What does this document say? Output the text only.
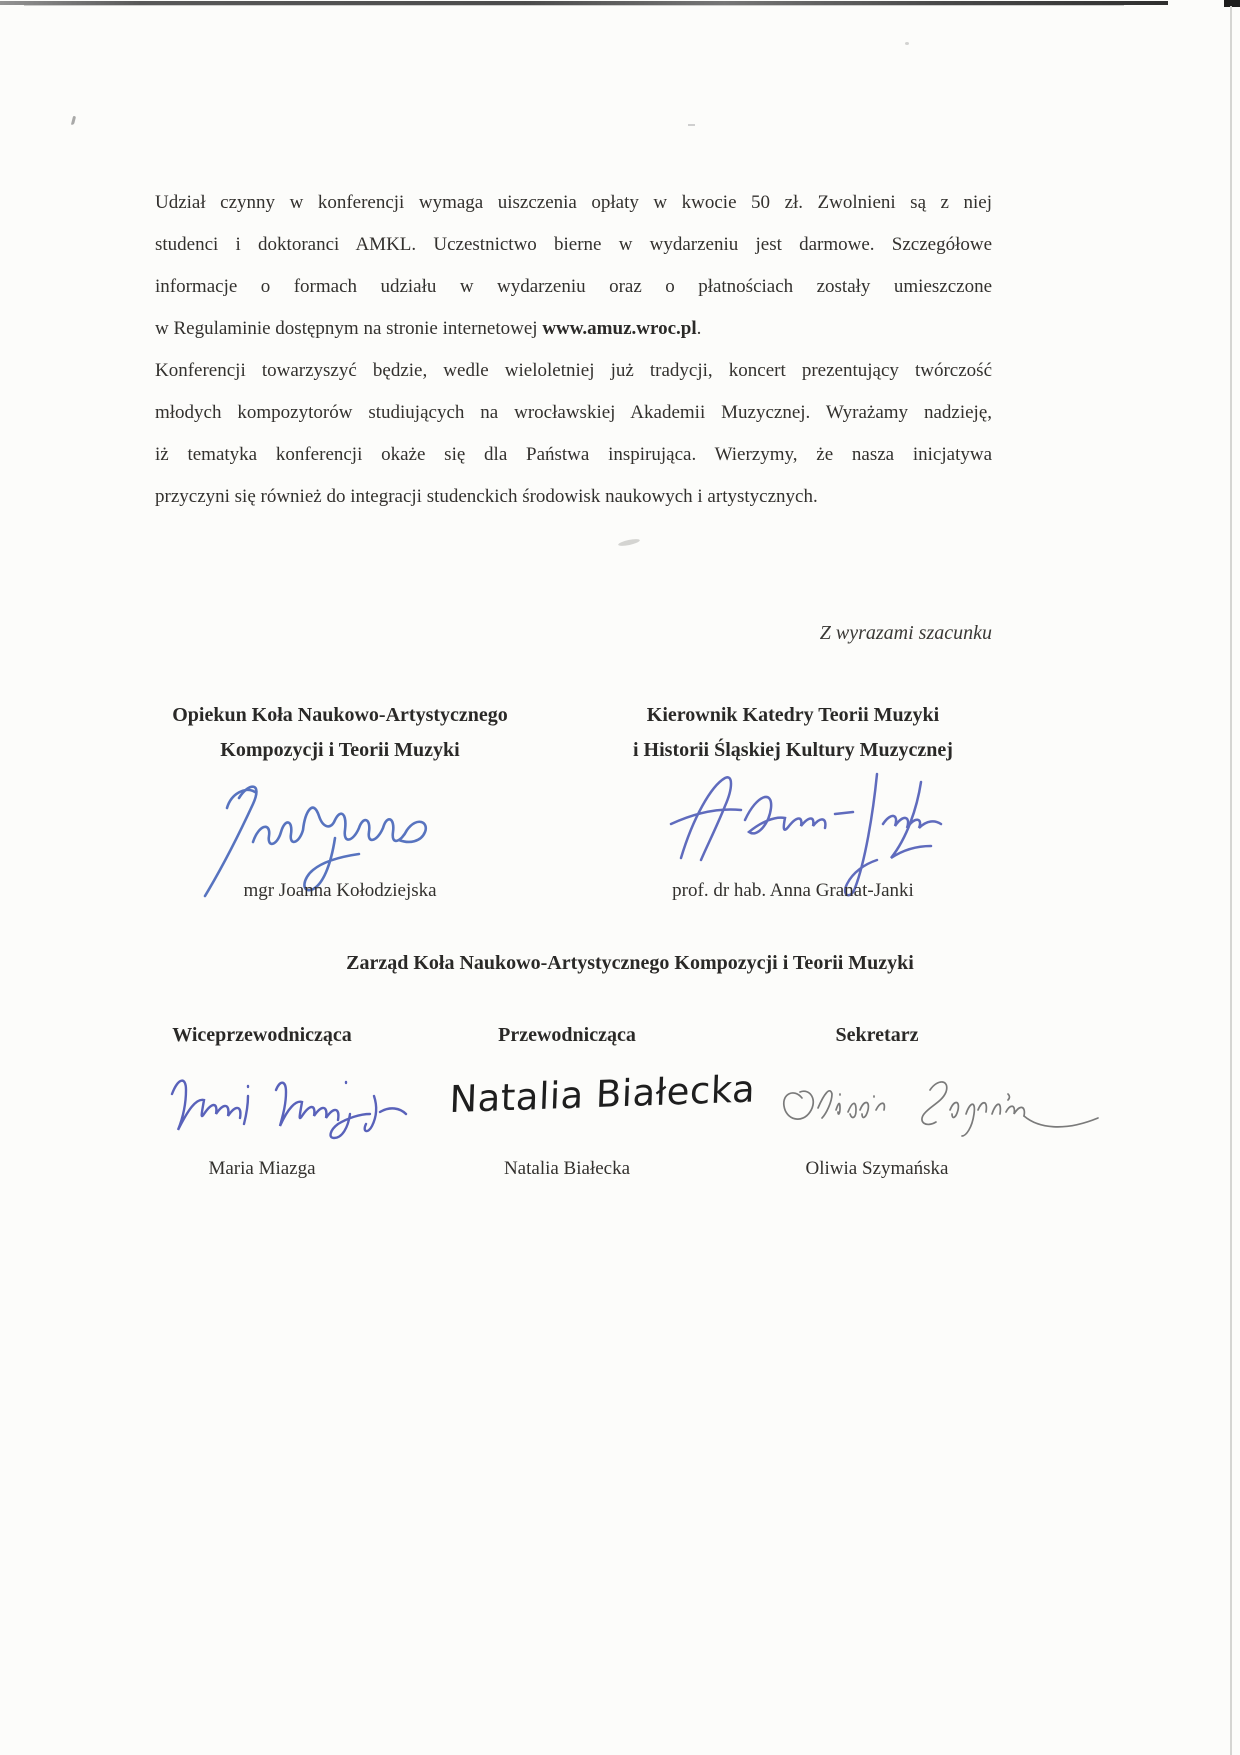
Udział czynny w konferencji wymaga uiszczenia opłaty w kwocie 50 zł. Zwolnieni są z niej
studenci i doktoranci AMKL. Uczestnictwo bierne w wydarzeniu jest darmowe. Szczegółowe
informacje o formach udziału w wydarzeniu oraz o płatnościach zostały umieszczone
w Regulaminie dostępnym na stronie internetowej www.amuz.wroc.pl.
Konferencji towarzyszyć będzie, wedle wieloletniej już tradycji, koncert prezentujący twórczość
młodych kompozytorów studiujących na wrocławskiej Akademii Muzycznej. Wyrażamy nadzieję,
iż tematyka konferencji okaże się dla Państwa inspirująca. Wierzymy, że nasza inicjatywa
przyczyni się również do integracji studenckich środowisk naukowych i artystycznych.
Z wyrazami szacunku
Opiekun Koła Naukowo-Artystycznego
Kompozycji i Teorii Muzyki
Kierownik Katedry Teorii Muzyki
i Historii Śląskiej Kultury Muzycznej
mgr Joanna Kołodziejska	prof. dr hab. Anna Granat-Janki
Zarząd Koła Naukowo-Artystycznego Kompozycji i Teorii Muzyki
Wiceprzewodnicząca	Przewodnicząca	Sekretarz
Natalia Białecka
Maria Miazga	Natalia Białecka	Oliwia Szymańska
